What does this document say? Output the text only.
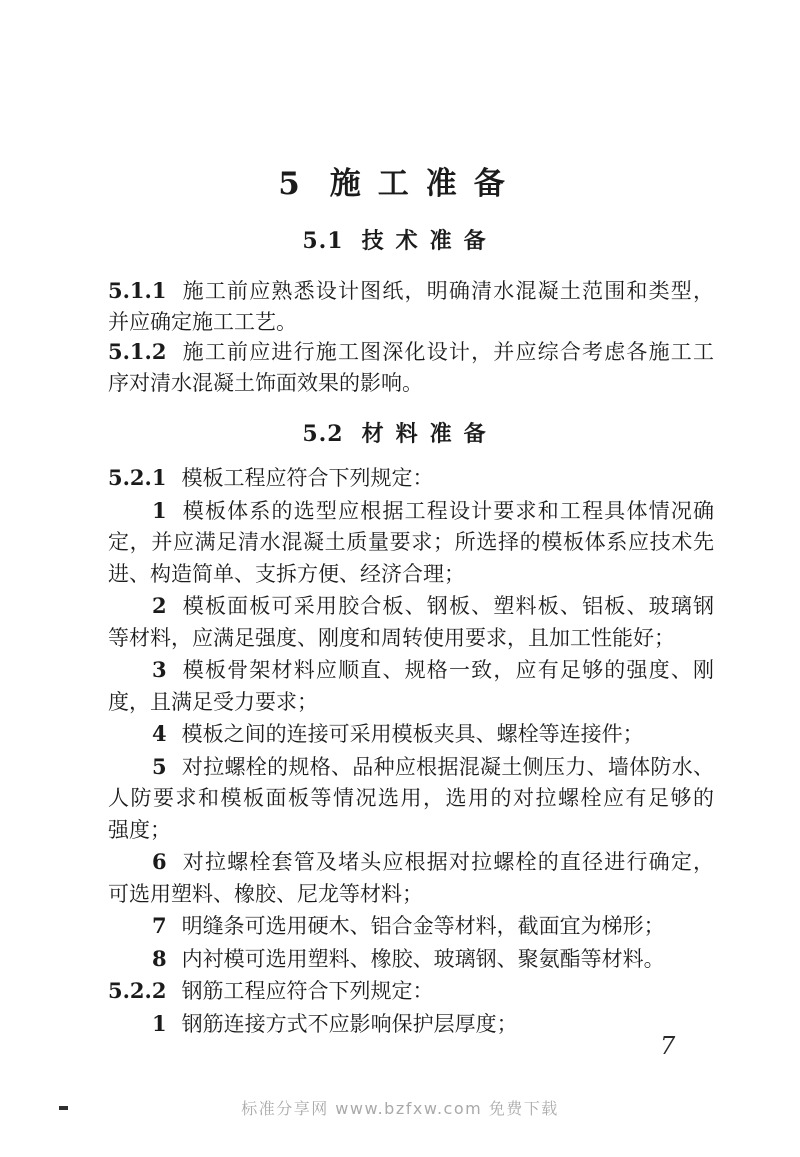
5 施工准备
5.1 技术准备
5.1.1 施工前应熟悉设计图纸，明确清水混凝土范围和类型，
并应确定施工工艺。
5.1.2 施工前应进行施工图深化设计，并应综合考虑各施工工
序对清水混凝土饰面效果的影响。
5.2 材料准备
5.2.1 模板工程应符合下列规定：
1 模板体系的选型应根据工程设计要求和工程具体情况确
定，并应满足清水混凝土质量要求；所选择的模板体系应技术先
进、构造简单、支拆方便、经济合理；
2 模板面板可采用胶合板、钢板、塑料板、铝板、玻璃钢
等材料，应满足强度、刚度和周转使用要求，且加工性能好；
3 模板骨架材料应顺直、规格一致，应有足够的强度、刚
度，且满足受力要求；
4 模板之间的连接可采用模板夹具、螺栓等连接件；
5 对拉螺栓的规格、品种应根据混凝土侧压力、墙体防水、
人防要求和模板面板等情况选用，选用的对拉螺栓应有足够的
强度；
6 对拉螺栓套管及堵头应根据对拉螺栓的直径进行确定，
可选用塑料、橡胶、尼龙等材料；
7 明缝条可选用硬木、铝合金等材料，截面宜为梯形；
8 内衬模可选用塑料、橡胶、玻璃钢、聚氨酯等材料。
5.2.2 钢筋工程应符合下列规定：
1 钢筋连接方式不应影响保护层厚度；
7
标准分享网 www.bzfxw.com 免费下载
